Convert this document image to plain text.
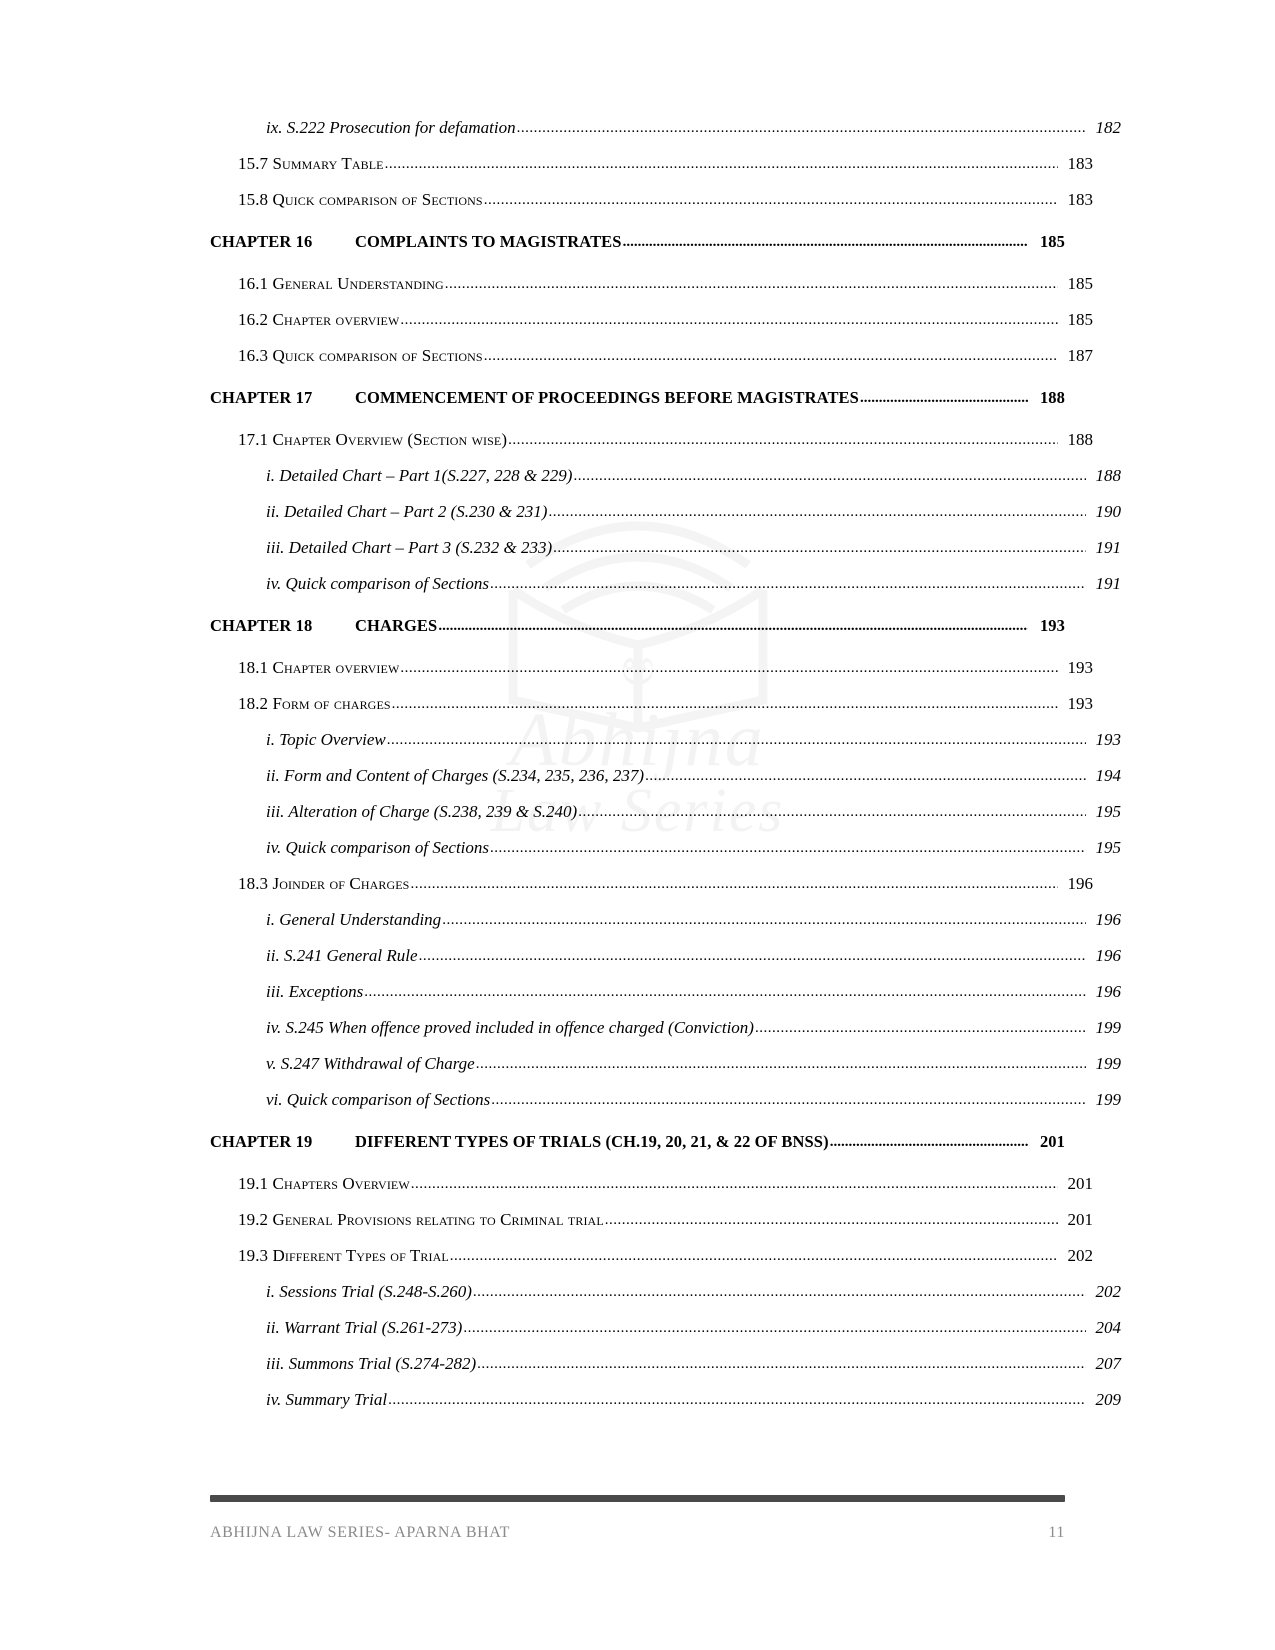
ಅ
Abhijna
Law Series
ix. S.222 Prosecution for defamation .....	182
15.7 Summary Table .....	183
15.8 Quick comparison of Sections .....	183
CHAPTER 16	COMPLAINTS TO MAGISTRATES .....	185
16.1 General Understanding .....	185
16.2 Chapter overview .....	185
16.3 Quick comparison of Sections .....	187
CHAPTER 17	COMMENCEMENT OF PROCEEDINGS BEFORE MAGISTRATES .....	188
17.1 Chapter Overview (Section wise) .....	188
i. Detailed Chart – Part 1(S.227, 228 & 229) .....	188
ii. Detailed Chart – Part 2 (S.230 & 231) .....	190
iii. Detailed Chart – Part 3 (S.232 & 233) .....	191
iv. Quick comparison of Sections .....	191
CHAPTER 18	CHARGES .....	193
18.1 Chapter overview .....	193
18.2 Form of charges .....	193
i. Topic Overview .....	193
ii. Form and Content of Charges (S.234, 235, 236, 237) .....	194
iii. Alteration of Charge (S.238, 239 & S.240) .....	195
iv. Quick comparison of Sections .....	195
18.3 Joinder of Charges .....	196
i. General Understanding .....	196
ii. S.241 General Rule .....	196
iii. Exceptions .....	196
iv. S.245 When offence proved included in offence charged (Conviction) .....	199
v. S.247 Withdrawal of Charge .....	199
vi. Quick comparison of Sections .....	199
CHAPTER 19	DIFFERENT TYPES OF TRIALS (CH.19, 20, 21, & 22 OF BNSS) .....	201
19.1 Chapters Overview .....	201
19.2 General Provisions relating to Criminal trial .....	201
19.3 Different Types of Trial .....	202
i. Sessions Trial (S.248-S.260) .....	202
ii. Warrant Trial (S.261-273) .....	204
iii. Summons Trial (S.274-282) .....	207
iv. Summary Trial .....	209
ABHIJNA LAW SERIES- APARNA BHAT	11
